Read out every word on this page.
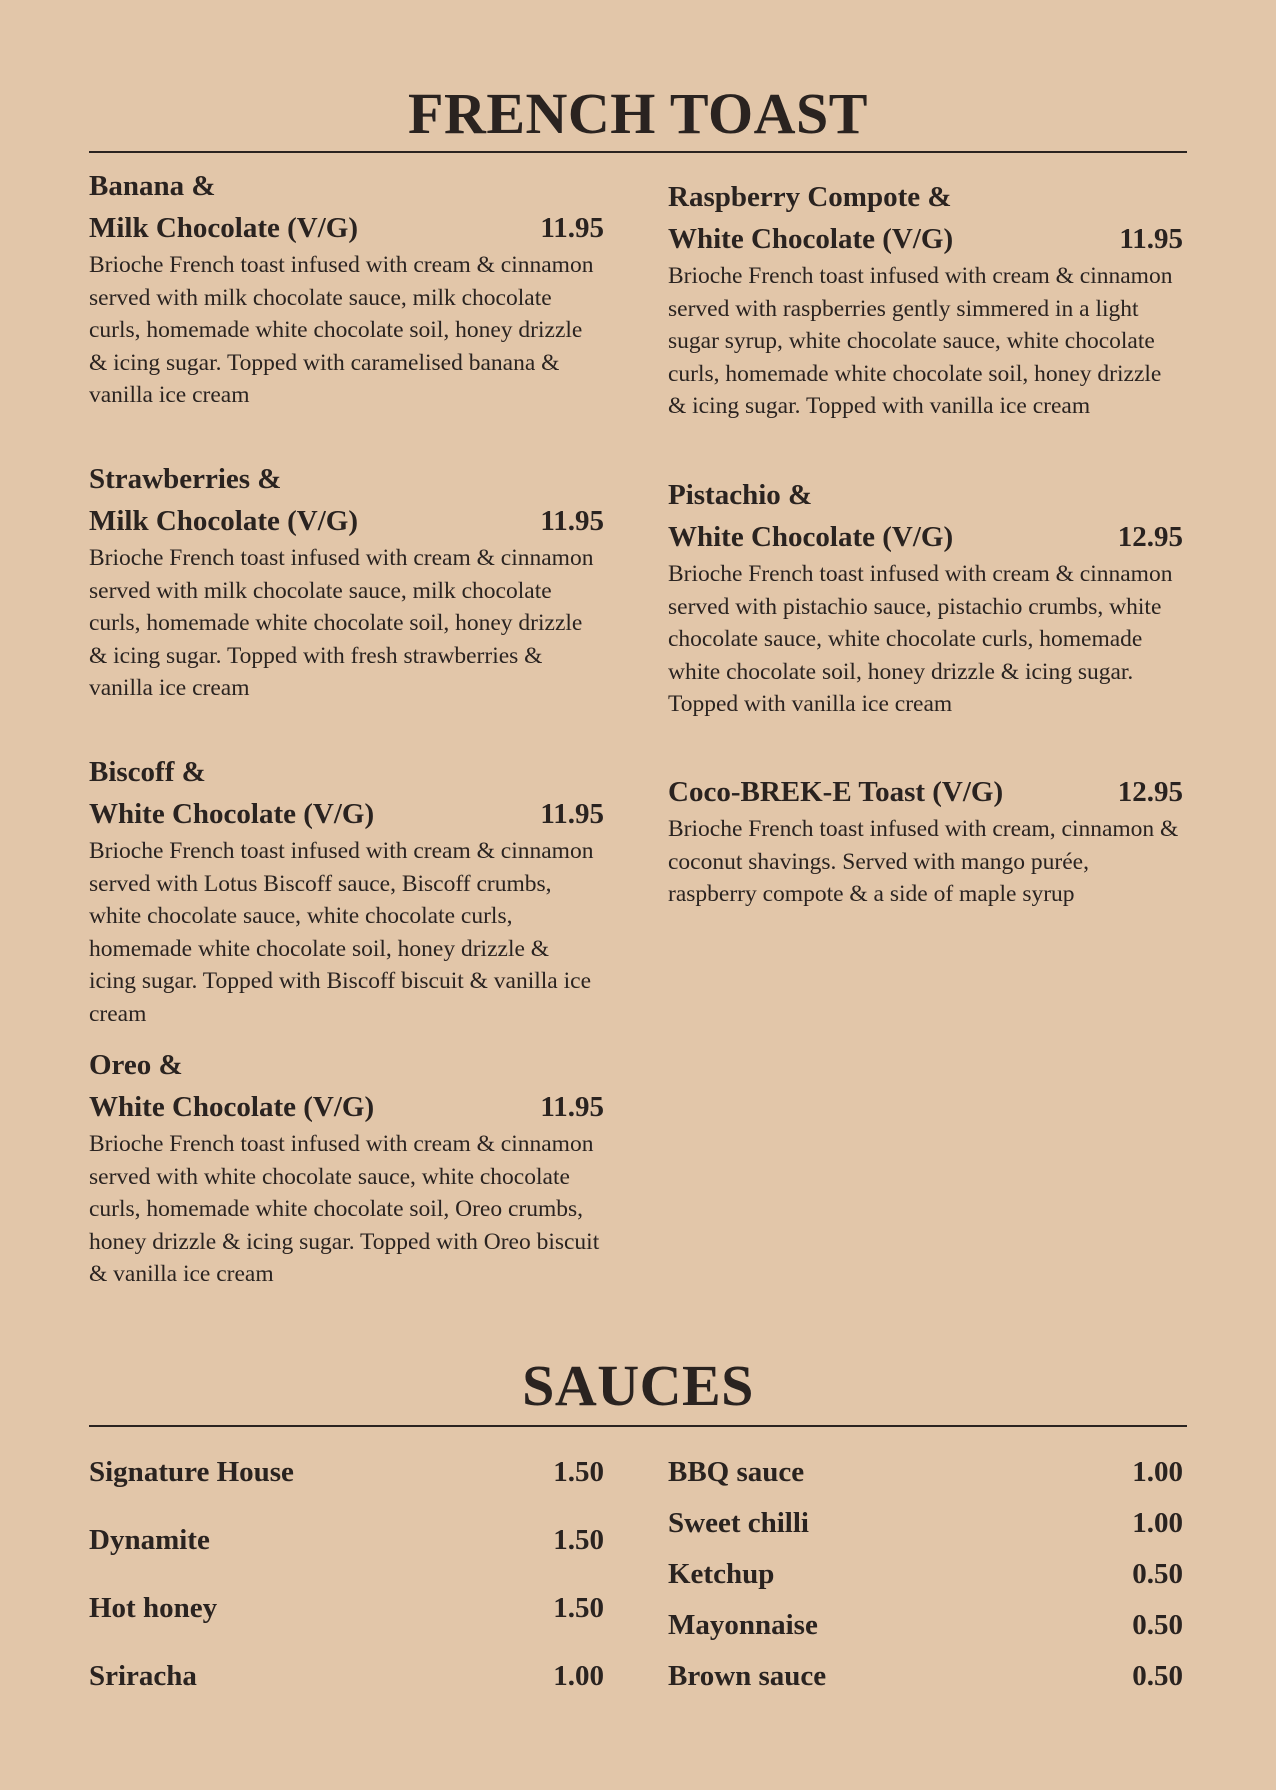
FRENCH TOAST
Banana &
Milk Chocolate (V/G)	11.95
Brioche French toast infused with cream & cinnamon served with milk chocolate sauce, milk chocolate curls, homemade white chocolate soil, honey drizzle & icing sugar. Topped with caramelised banana & vanilla ice cream
Strawberries &
Milk Chocolate (V/G)	11.95
Brioche French toast infused with cream & cinnamon served with milk chocolate sauce, milk chocolate curls, homemade white chocolate soil, honey drizzle & icing sugar. Topped with fresh strawberries & vanilla ice cream
Biscoff &
White Chocolate (V/G)	11.95
Brioche French toast infused with cream & cinnamon served with Lotus Biscoff sauce, Biscoff crumbs, white chocolate sauce, white chocolate curls, homemade white chocolate soil, honey drizzle & icing sugar. Topped with Biscoff biscuit & vanilla ice cream
Oreo &
White Chocolate (V/G)	11.95
Brioche French toast infused with cream & cinnamon served with white chocolate sauce, white chocolate curls, homemade white chocolate soil, Oreo crumbs, honey drizzle & icing sugar. Topped with Oreo biscuit & vanilla ice cream
Raspberry Compote &
White Chocolate (V/G)	11.95
Brioche French toast infused with cream & cinnamon served with raspberries gently simmered in a light sugar syrup, white chocolate sauce, white chocolate curls, homemade white chocolate soil, honey drizzle & icing sugar. Topped with vanilla ice cream
Pistachio &
White Chocolate (V/G)	12.95
Brioche French toast infused with cream & cinnamon served with pistachio sauce, pistachio crumbs, white chocolate sauce, white chocolate curls, homemade white chocolate soil, honey drizzle & icing sugar. Topped with vanilla ice cream
Coco-BREK-E Toast (V/G)	12.95
Brioche French toast infused with cream, cinnamon & coconut shavings. Served with mango purée, raspberry compote & a side of maple syrup
SAUCES
Signature House	1.50
Dynamite	1.50
Hot honey	1.50
Sriracha	1.00
BBQ sauce	1.00
Sweet chilli	1.00
Ketchup	0.50
Mayonnaise	0.50
Brown sauce	0.50
